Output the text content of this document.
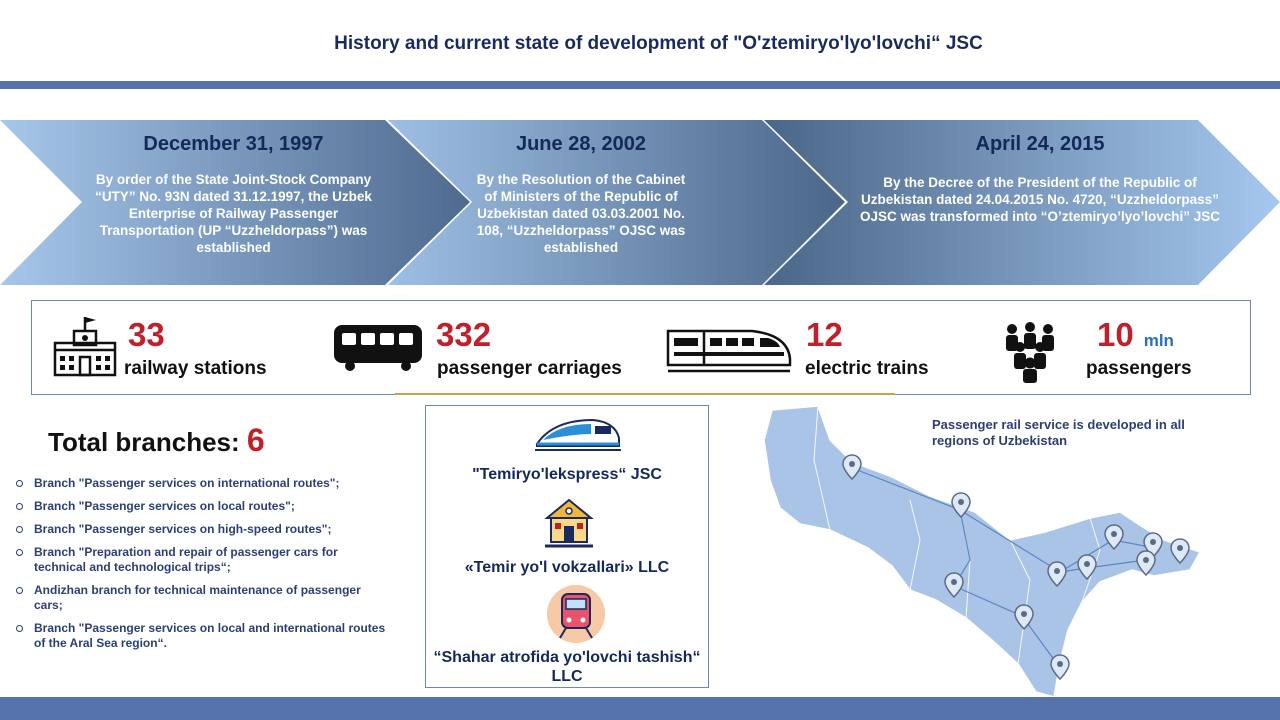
History and current state of development of "O'ztemiryo'lyo'lovchi“ JSC
December 31, 1997
By order of the State Joint-Stock Company “UTY” No. 93N dated 31.12.1997, the Uzbek Enterprise of Railway Passenger Transportation (UP “Uzzheldorpass”) was established
June 28, 2002
By the Resolution of the Cabinet of Ministers of the Republic of Uzbekistan dated 03.03.2001 No. 108, “Uzzheldorpass” OJSC was established
April 24, 2015
By the Decree of the President of the Republic of Uzbekistan dated 24.04.2015 No. 4720, “Uzzheldorpass” OJSC was transformed into “O’ztemiryo’lyo’lovchi” JSC
33
railway stations
332
passenger carriages
12
electric trains
10 mln
passengers
Total branches: 6
Branch "Passenger services on international routes";
Branch "Passenger services on local routes";
Branch "Passenger services on high-speed routes";
Branch "Preparation and repair of passenger cars for technical and technological trips“;
Andizhan branch for technical maintenance of passenger cars;
Branch "Passenger services on local and international routes of the Aral Sea region“.
"Temiryo'lekspress“ JSC
«Temir yo'l vokzallari» LLC
“Shahar atrofida yo'lovchi tashish“ LLC
Passenger rail service is developed in all regions of Uzbekistan
